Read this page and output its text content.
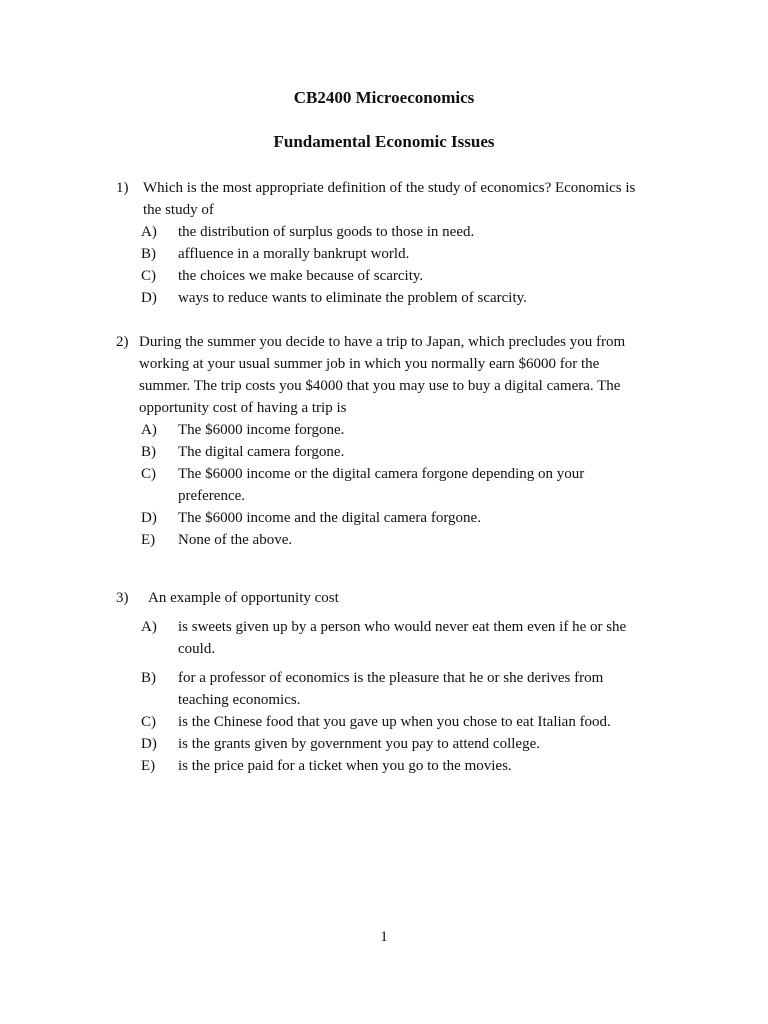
CB2400 Microeconomics
Fundamental Economic Issues
1) Which is the most appropriate definition of the study of economics? Economics is
the study of
A) the distribution of surplus goods to those in need.
B) affluence in a morally bankrupt world.
C) the choices we make because of scarcity.
D) ways to reduce wants to eliminate the problem of scarcity.
2) During the summer you decide to have a trip to Japan, which precludes you from
working at your usual summer job in which you normally earn $6000 for the
summer. The trip costs you $4000 that you may use to buy a digital camera. The
opportunity cost of having a trip is
A) The $6000 income forgone.
B) The digital camera forgone.
C) The $6000 income or the digital camera forgone depending on your
preference.
D) The $6000 income and the digital camera forgone.
E) None of the above.
3) An example of opportunity cost
A) is sweets given up by a person who would never eat them even if he or she
could.
B) for a professor of economics is the pleasure that he or she derives from
teaching economics.
C) is the Chinese food that you gave up when you chose to eat Italian food.
D) is the grants given by government you pay to attend college.
E) is the price paid for a ticket when you go to the movies.
1
